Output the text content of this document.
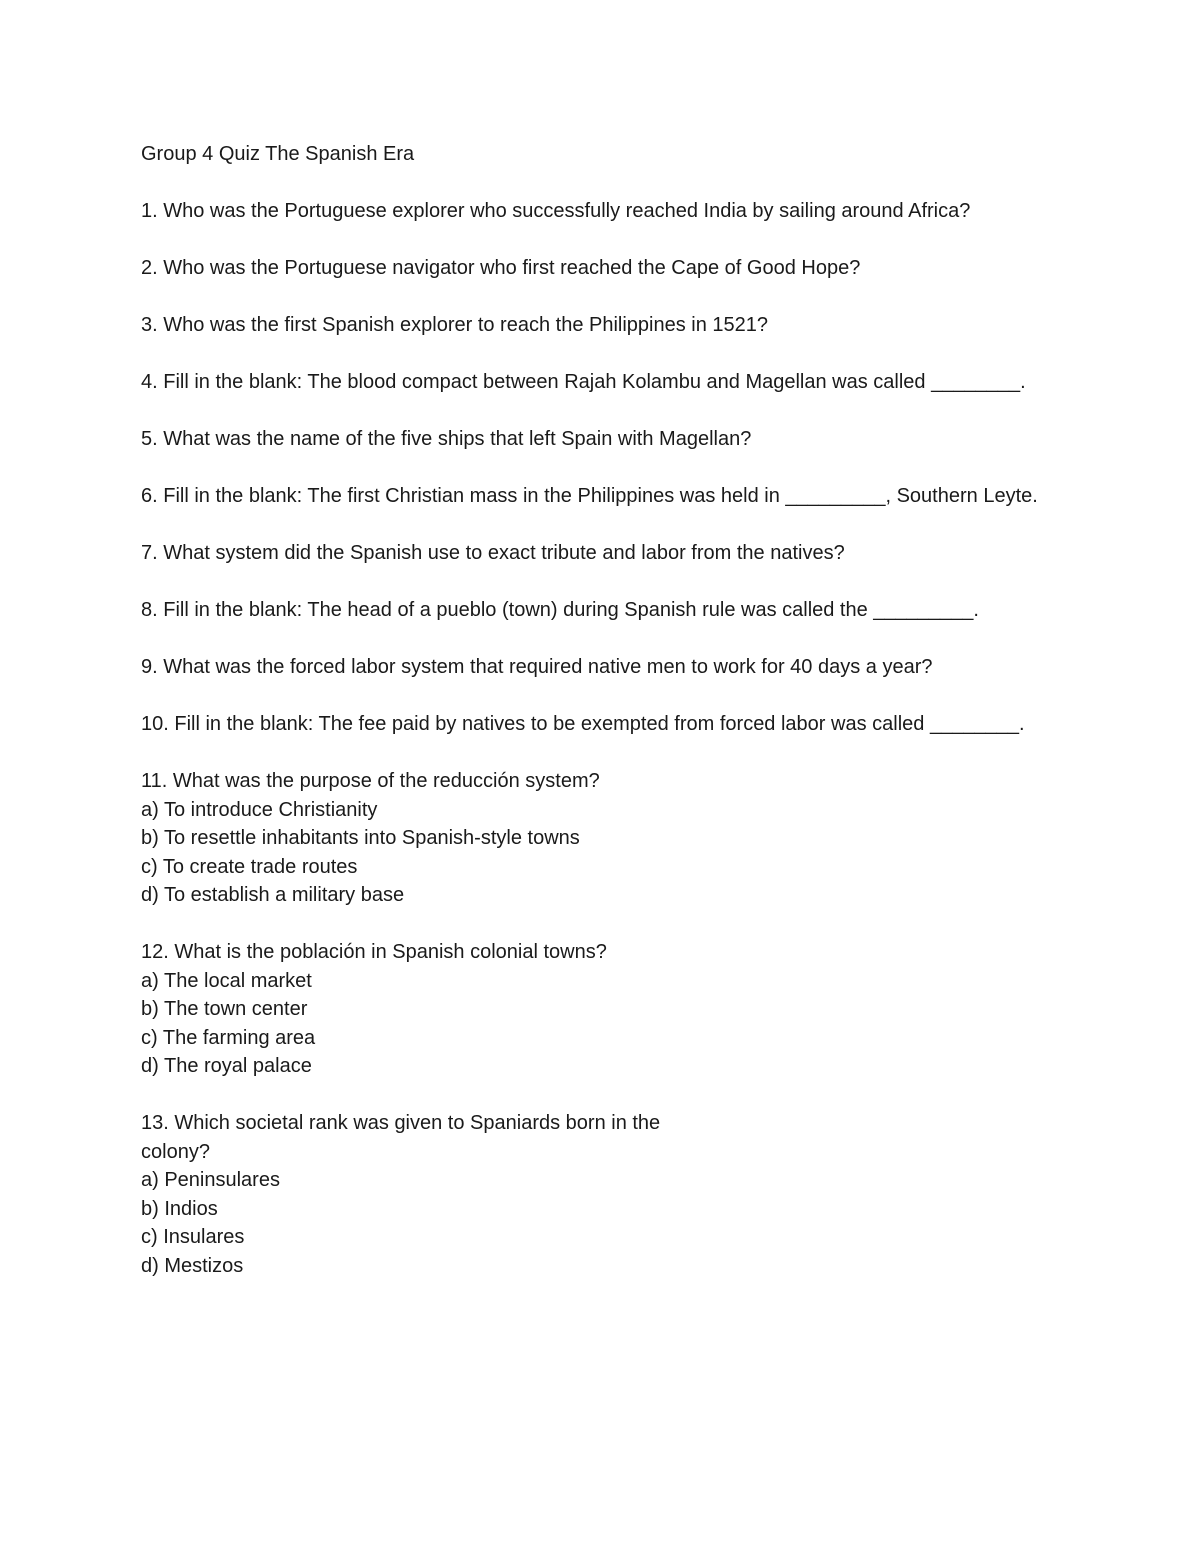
Group 4 Quiz The Spanish Era
1. Who was the Portuguese explorer who successfully reached India by sailing around Africa?
2. Who was the Portuguese navigator who first reached the Cape of Good Hope?
3. Who was the first Spanish explorer to reach the Philippines in 1521?
4. Fill in the blank: The blood compact between Rajah Kolambu and Magellan was called ________.
5. What was the name of the five ships that left Spain with Magellan?
6. Fill in the blank: The first Christian mass in the Philippines was held in _________, Southern Leyte.
7. What system did the Spanish use to exact tribute and labor from the natives?
8. Fill in the blank: The head of a pueblo (town) during Spanish rule was called the _________.
9. What was the forced labor system that required native men to work for 40 days a year?
10. Fill in the blank: The fee paid by natives to be exempted from forced labor was called ________.
11. What was the purpose of the reducción system?
a) To introduce Christianity
b) To resettle inhabitants into Spanish-style towns
c) To create trade routes
d) To establish a military base
12. What is the población in Spanish colonial towns?
a) The local market
b) The town center
c) The farming area
d) The royal palace
13. Which societal rank was given to Spaniards born in the colony?
a) Peninsulares
b) Indios
c) Insulares
d) Mestizos
